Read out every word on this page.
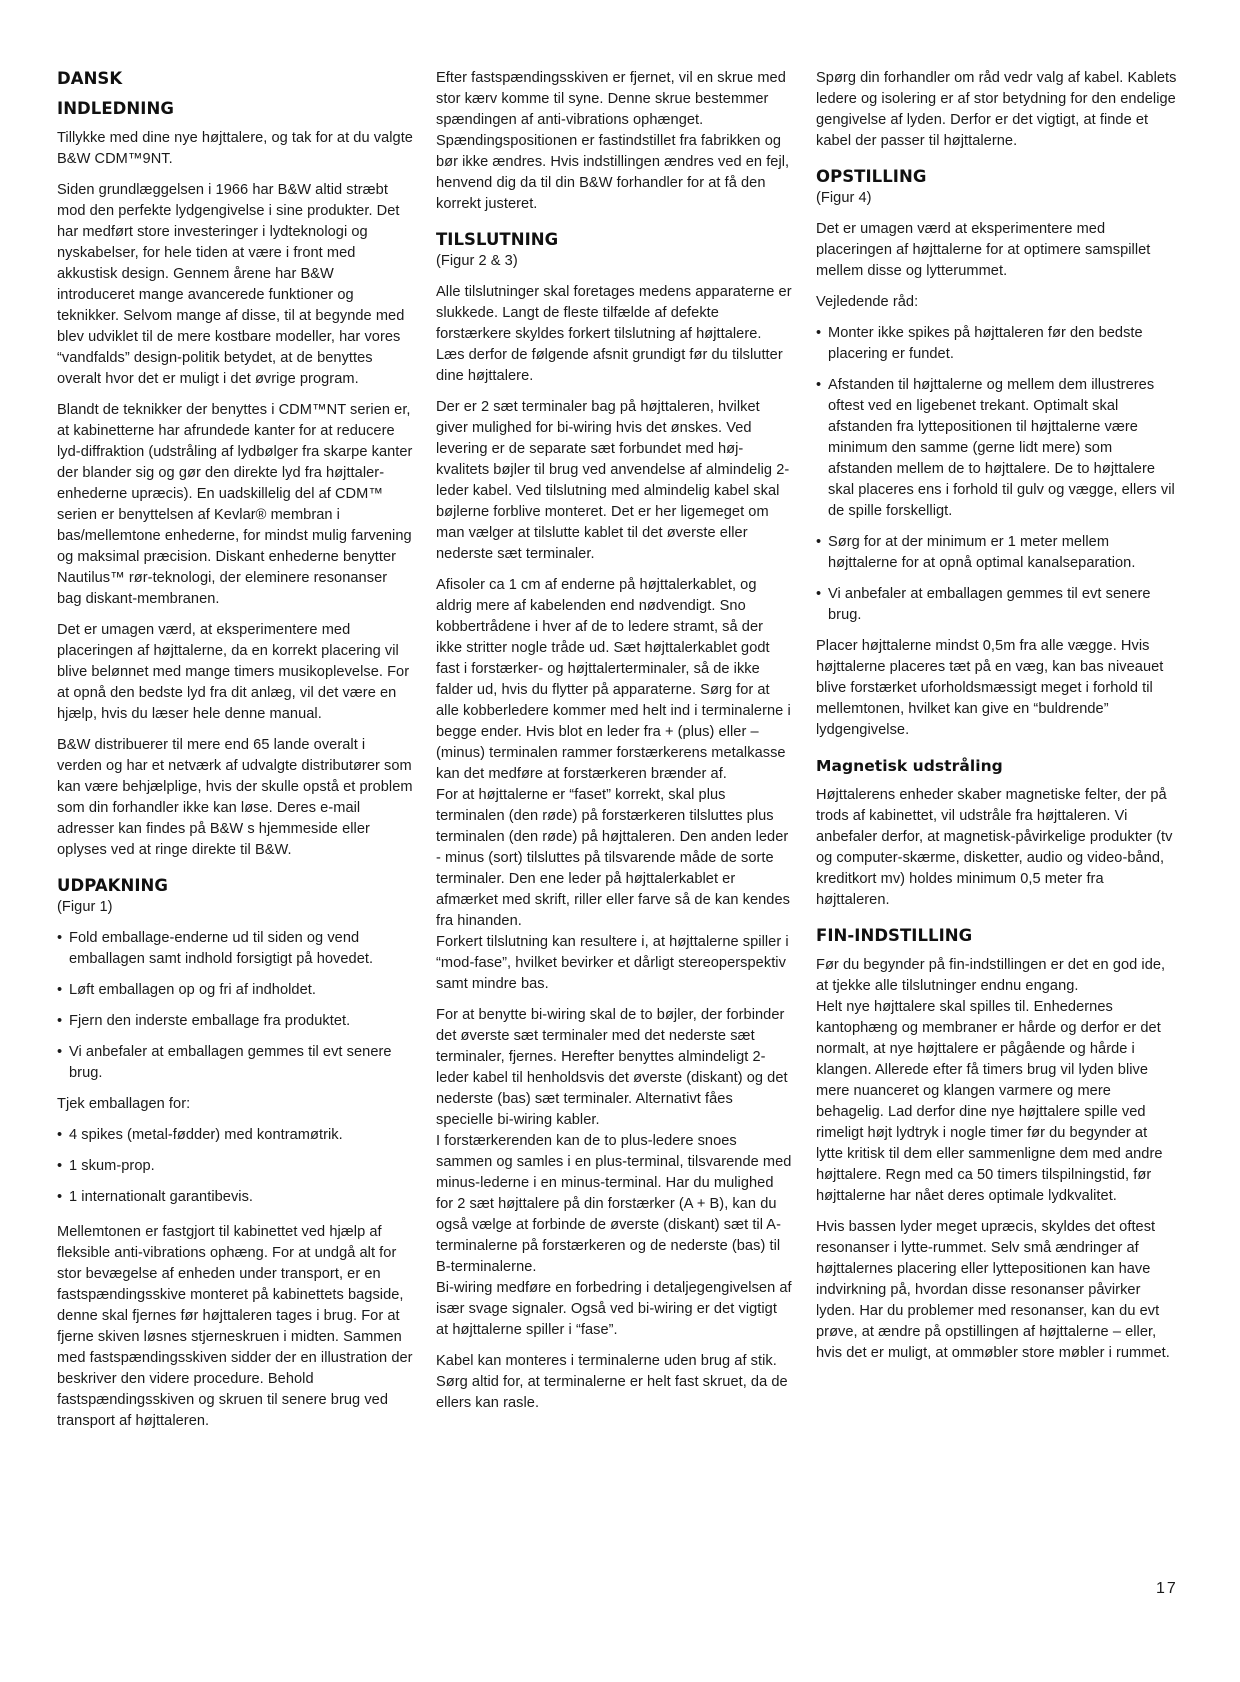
DANSK
INDLEDNING

Tillykke med dine nye højttalere, og tak for at du valgte B&W CDM™9NT.

Siden grundlæggelsen i 1966 har B&W altid stræbt mod den perfekte lydgengivelse i sine produkter. Det har medført store investeringer i lydteknologi og nyskabelser, for hele tiden at være i front med akkustisk design. Gennem årene har B&W introduceret mange avancerede funktioner og teknikker. Selvom mange af disse, til at begynde med blev udviklet til de mere kostbare modeller, har vores “vandfalds” design-politik betydet, at de benyttes overalt hvor det er muligt i det øvrige program.

Blandt de teknikker der benyttes i CDM™NT serien er, at kabinetterne har afrundede kanter for at reducere lyd-diffraktion (udstråling af lydbølger fra skarpe kanter der blander sig og gør den direkte lyd fra højttaler-enhederne upræcis). En uadskillelig del af CDM™ serien er benyttelsen af Kevlar® membran i bas/mellemtone enhederne, for mindst mulig farvening og maksimal præcision. Diskant enhederne benytter Nautilus™ rør-teknologi, der eleminere resonanser bag diskant-membranen.

Det er umagen værd, at eksperimentere med placeringen af højttalerne, da en korrekt placering vil blive belønnet med mange timers musikoplevelse. For at opnå den bedste lyd fra dit anlæg, vil det være en hjælp, hvis du læser hele denne manual.

B&W distribuerer til mere end 65 lande overalt i verden og har et netværk af udvalgte distributører som kan være behjælplige, hvis der skulle opstå et problem som din forhandler ikke kan løse. Deres e-mail adresser kan findes på B&W s hjemmeside eller oplyses ved at ringe direkte til B&W.

UDPAKNING
(Figur 1)
• Fold emballage-enderne ud til siden og vend emballagen samt indhold forsigtigt på hovedet.
• Løft emballagen op og fri af indholdet.
• Fjern den inderste emballage fra produktet.
• Vi anbefaler at emballagen gemmes til evt senere brug.

Tjek emballagen for:

• 4 spikes (metal-fødder) med kontramøtrik.
• 1 skum-prop.
• 1 internationalt garantibevis.

Mellemtonen er fastgjort til kabinettet ved hjælp af fleksible anti-vibrations ophæng. For at undgå alt for stor bevægelse af enheden under transport, er en fastspændingsskive monteret på kabinettets bagside, denne skal fjernes før højttaleren tages i brug. For at fjerne skiven løsnes stjerneskruen i midten. Sammen med fastspændingsskiven sidder der en illustration der beskriver den videre procedure. Behold fastspændingsskiven og skruen til senere brug ved transport af højttaleren.

Efter fastspændingsskiven er fjernet, vil en skrue med stor kærv komme til syne. Denne skrue bestemmer spændingen af anti-vibrations ophænget. Spændingspositionen er fastindstillet fra fabrikken og bør ikke ændres. Hvis indstillingen ændres ved en fejl, henvend dig da til din B&W forhandler for at få den korrekt justeret.

TILSLUTNING
(Figur 2 & 3)

Alle tilslutninger skal foretages medens apparaterne er slukkede. Langt de fleste tilfælde af defekte forstærkere skyldes forkert tilslutning af højttalere. Læs derfor de følgende afsnit grundigt før du tilslutter dine højttalere.

Der er 2 sæt terminaler bag på højttaleren, hvilket giver mulighed for bi-wiring hvis det ønskes. Ved levering er de separate sæt forbundet med høj-kvalitets bøjler til brug ved anvendelse af almindelig 2-leder kabel. Ved tilslutning med almindelig kabel skal bøjlerne forblive monteret. Det er her ligemeget om man vælger at tilslutte kablet til det øverste eller nederste sæt terminaler.

Afisoler ca 1 cm af enderne på højttalerkablet, og aldrig mere af kabelenden end nødvendigt. Sno kobbertrådene i hver af de to ledere stramt, så der ikke stritter nogle tråde ud. Sæt højttalerkablet godt fast i forstærker- og højttalerterminaler, så de ikke falder ud, hvis du flytter på apparaterne. Sørg for at alle kobberledere kommer med helt ind i terminalerne i begge ender. Hvis blot en leder fra + (plus) eller – (minus) terminalen rammer forstærkerens metalkasse kan det medføre at forstærkeren brænder af.
For at højttalerne er “faset” korrekt, skal plus terminalen (den røde) på forstærkeren tilsluttes plus terminalen (den røde) på højttaleren. Den anden leder - minus (sort) tilsluttes på tilsvarende måde de sorte terminaler. Den ene leder på højttalerkablet er afmærket med skrift, riller eller farve så de kan kendes fra hinanden.
Forkert tilslutning kan resultere i, at højttalerne spiller i “mod-fase”, hvilket bevirker et dårligt stereoperspektiv samt mindre bas.
For at benytte bi-wiring skal de to bøjler, der forbinder det øverste sæt terminaler med det nederste sæt terminaler, fjernes. Herefter benyttes almindeligt 2-leder kabel til henholdsvis det øverste (diskant) og det nederste (bas) sæt terminaler. Alternativt fåes specielle bi-wiring kabler.
I forstærkerenden kan de to plus-ledere snoes sammen og samles i en plus-terminal, tilsvarende med minus-lederne i en minus-terminal. Har du mulighed for 2 sæt højttalere på din forstærker (A + B), kan du også vælge at forbinde de øverste (diskant) sæt til A-terminalerne på forstærkeren og de nederste (bas) til B-terminalerne.
Bi-wiring medføre en forbedring i detaljegengivelsen af især svage signaler. Også ved bi-wiring er det vigtigt at højttalerne spiller i “fase”.

Kabel kan monteres i terminalerne uden brug af stik. Sørg altid for, at terminalerne er helt fast skruet, da de ellers kan rasle.

Spørg din forhandler om råd vedr valg af kabel. Kablets ledere og isolering er af stor betydning for den endelige gengivelse af lyden. Derfor er det vigtigt, at finde et kabel der passer til højttalerne.

OPSTILLING
(Figur 4)

Det er umagen værd at eksperimentere med placeringen af højttalerne for at optimere samspillet mellem disse og lytterummet.

Vejledende råd:

• Monter ikke spikes på højttaleren før den bedste placering er fundet.
• Afstanden til højttalerne og mellem dem illustreres oftest ved en ligebenet trekant. Optimalt skal afstanden fra lyttepositionen til højttalerne være minimum den samme (gerne lidt mere) som afstanden mellem de to højttalere. De to højttalere skal placeres ens i forhold til gulv og vægge, ellers vil de spille forskelligt.
• Sørg for at der minimum er 1 meter mellem højttalerne for at opnå optimal kanalseparation.
• Vi anbefaler at emballagen gemmes til evt senere brug.

Placer højttalerne mindst 0,5m fra alle vægge. Hvis højttalerne placeres tæt på en væg, kan bas niveauet blive forstærket uforholdsmæssigt meget i forhold til mellemtonen, hvilket kan give en “buldrende” lydgengivelse.

Magnetisk udstråling

Højttalerens enheder skaber magnetiske felter, der på trods af kabinettet, vil udstråle fra højttaleren. Vi anbefaler derfor, at magnetisk-påvirkelige produkter (tv og computer-skærme, disketter, audio og video-bånd, kreditkort mv) holdes minimum 0,5 meter fra højttaleren.

FIN-INDSTILLING
Før du begynder på fin-indstillingen er det en god ide, at tjekke alle tilslutninger endnu engang.
Helt nye højttalere skal spilles til. Enhedernes kantophæng og membraner er hårde og derfor er det normalt, at nye højttalere er pågående og hårde i klangen. Allerede efter få timers brug vil lyden blive mere nuanceret og klangen varmere og mere behagelig. Lad derfor dine nye højttalere spille ved rimeligt højt lydtryk i nogle timer før du begynder at lytte kritisk til dem eller sammenligne dem med andre højttalere. Regn med ca 50 timers tilspilningstid, før højttalerne har nået deres optimale lydkvalitet.

Hvis bassen lyder meget upræcis, skyldes det oftest resonanser i lytte-rummet. Selv små ændringer af højttalernes placering eller lyttepositionen kan have indvirkning på, hvordan disse resonanser påvirker lyden. Har du problemer med resonanser, kan du evt prøve, at ændre på opstillingen af højttalerne – eller, hvis det er muligt, at ommøbler store møbler i rummet.

17
